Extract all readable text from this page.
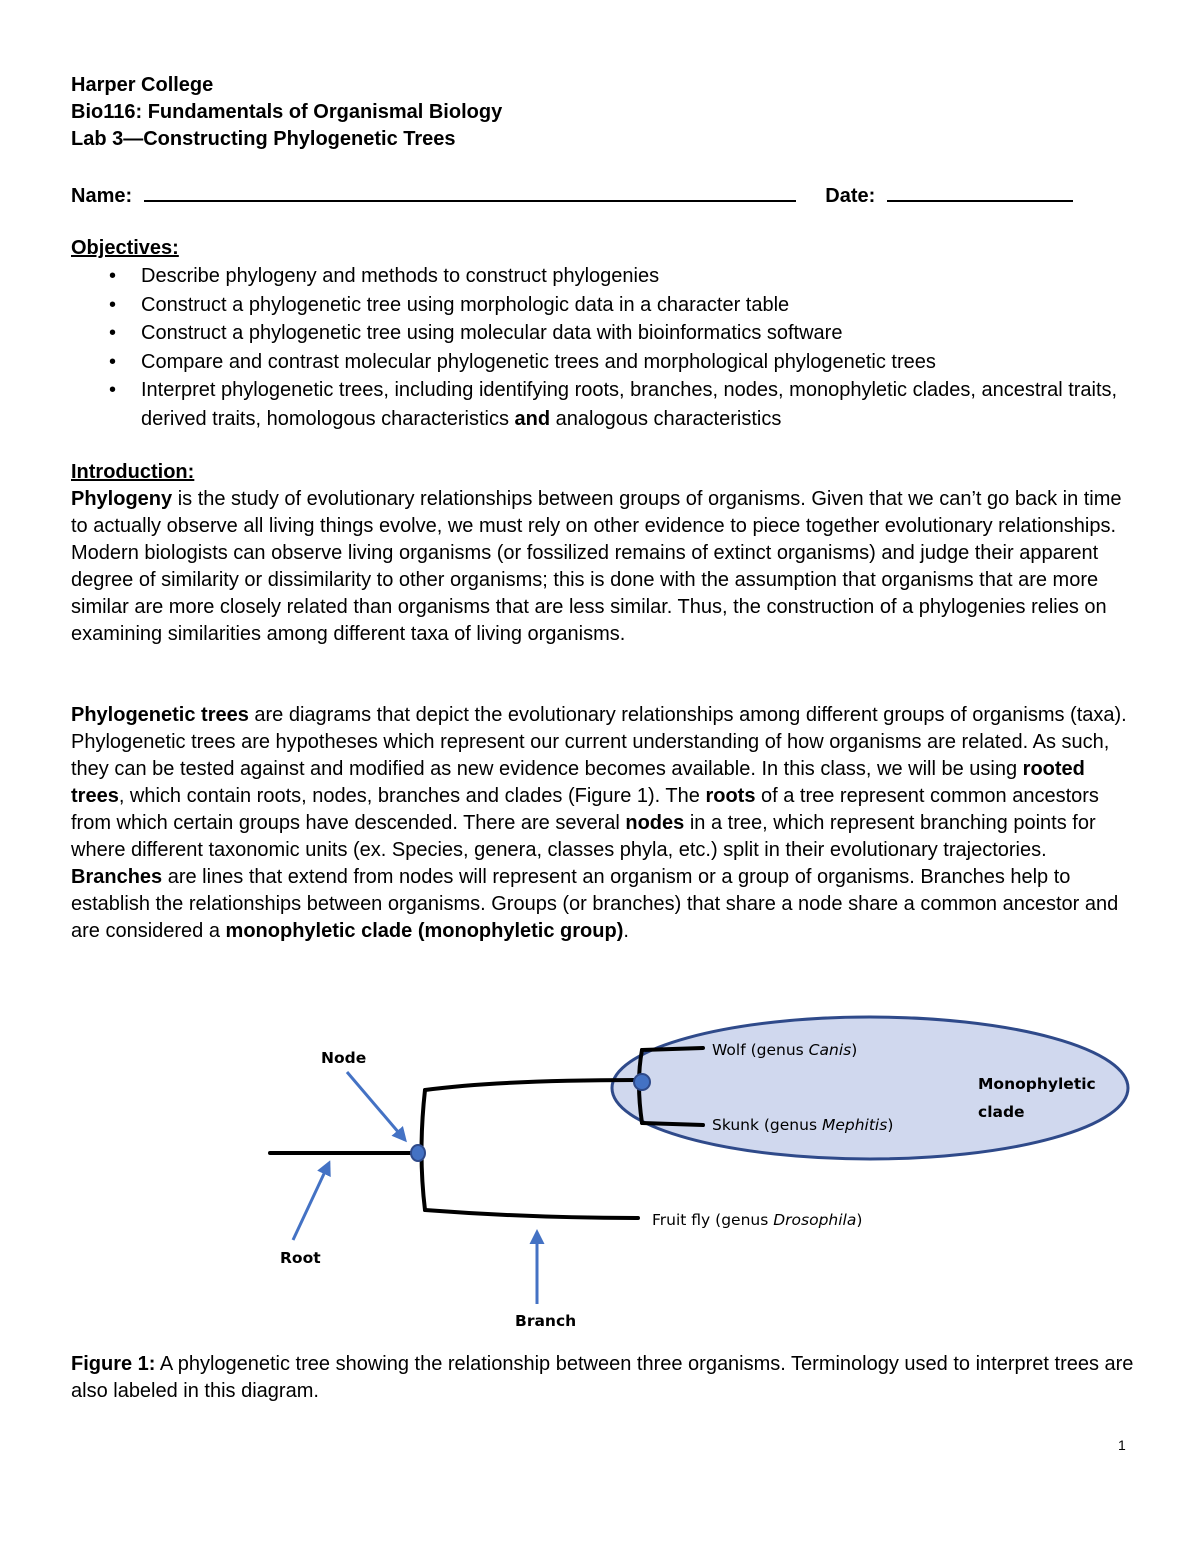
Harper College
Bio116: Fundamentals of Organismal Biology
Lab 3—Constructing Phylogenetic Trees
Name:	Date:
Objectives:
• Describe phylogeny and methods to construct phylogenies
• Construct a phylogenetic tree using morphologic data in a character table
• Construct a phylogenetic tree using molecular data with bioinformatics software
• Compare and contrast molecular phylogenetic trees and morphological phylogenetic trees
• Interpret phylogenetic trees, including identifying roots, branches, nodes, monophyletic clades, ancestral traits, derived traits, homologous characteristics and analogous characteristics
Introduction:

Phylogeny is the study of evolutionary relationships between groups of organisms. Given that we can’t go back in time to actually observe all living things evolve, we must rely on other evidence to piece together evolutionary relationships. Modern biologists can observe living organisms (or fossilized remains of extinct organisms) and judge their apparent degree of similarity or dissimilarity to other organisms; this is done with the assumption that organisms that are more similar are more closely related than organisms that are less similar. Thus, the construction of a phylogenies relies on examining similarities among different taxa of living organisms.

Phylogenetic trees are diagrams that depict the evolutionary relationships among different groups of organisms (taxa). Phylogenetic trees are hypotheses which represent our current understanding of how organisms are related. As such, they can be tested against and modified as new evidence becomes available. In this class, we will be using rooted trees, which contain roots, nodes, branches and clades (Figure 1). The roots of a tree represent common ancestors from which certain groups have descended. There are several nodes in a tree, which represent branching points for where different taxonomic units (ex. Species, genera, classes phyla, etc.) split in their evolutionary trajectories. Branches are lines that extend from nodes will represent an organism or a group of organisms. Branches help to establish the relationships between organisms. Groups (or branches) that share a node share a common ancestor and are considered a monophyletic clade (monophyletic group).

Node
Root
Branch
Monophyletic
clade
Wolf (genus Canis)
Skunk (genus Mephitis)
Fruit fly (genus Drosophila)
Figure 1: A phylogenetic tree showing the relationship between three organisms. Terminology used to interpret trees are also labeled in this diagram.
1
